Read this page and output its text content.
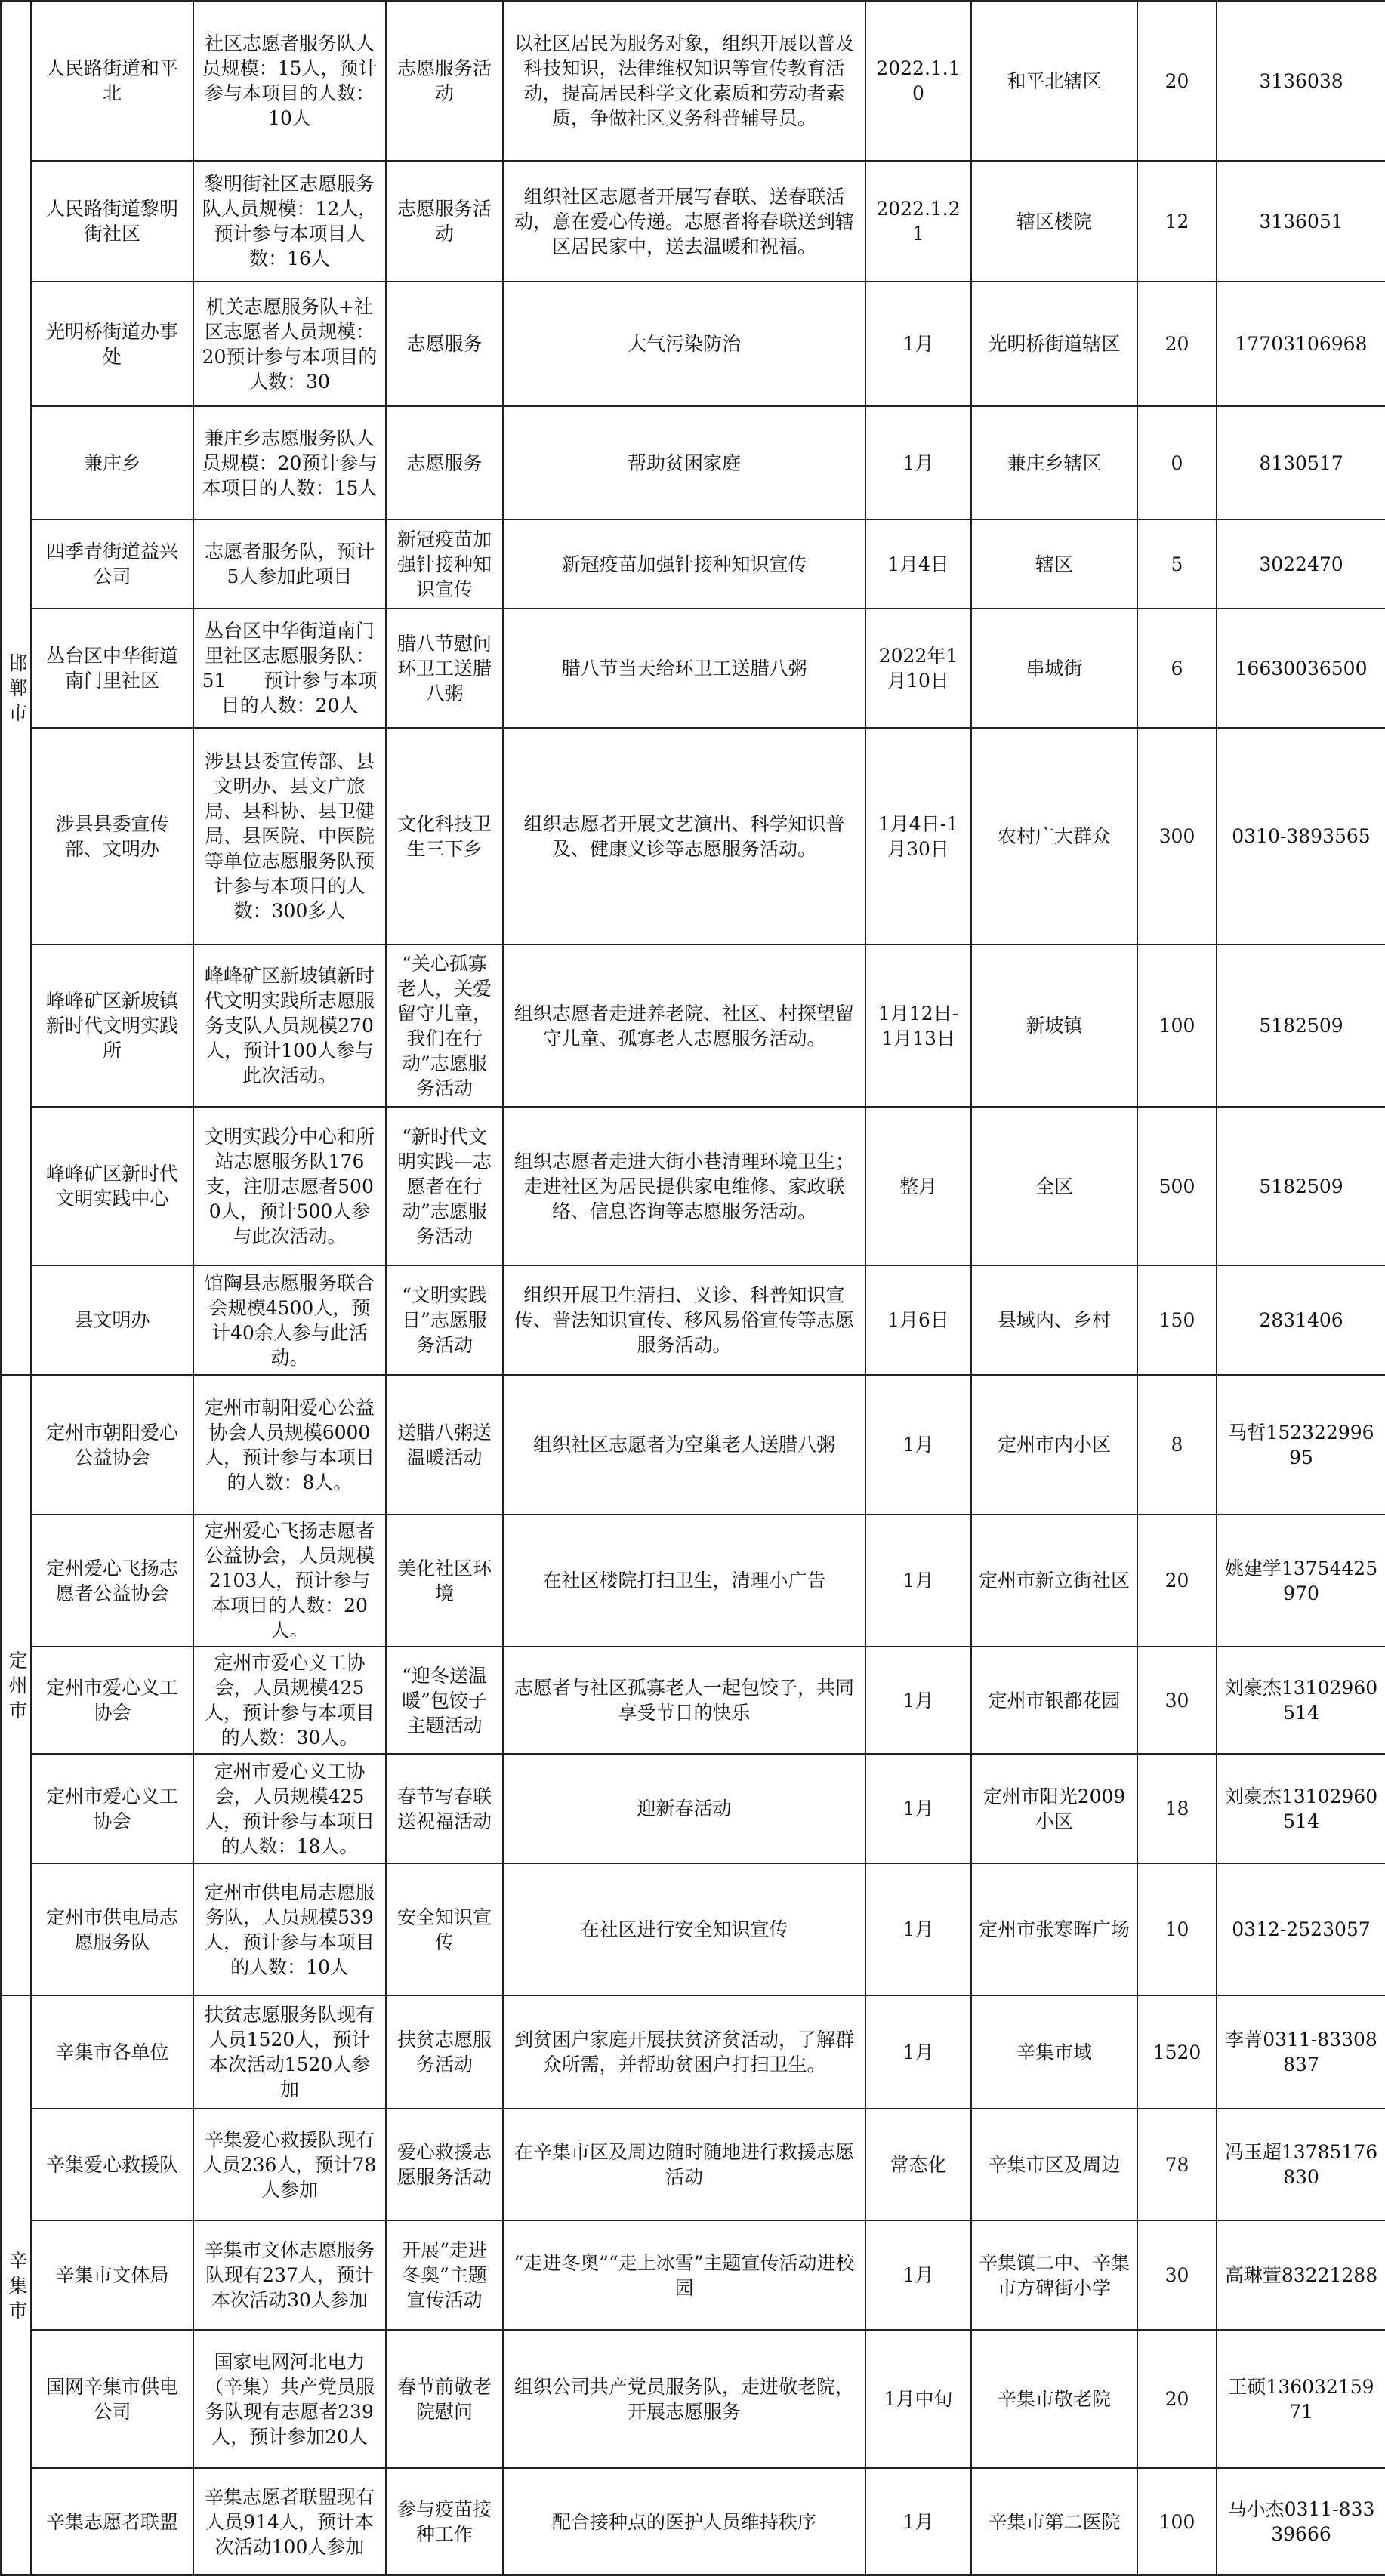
邯郸市	人民路街道和平北	社区志愿者服务队人员规模：15人，预计参与本项目的人数：10人	志愿服务活动	以社区居民为服务对象，组织开展以普及科技知识，法律维权知识等宣传教育活动，提高居民科学文化素质和劳动者素质，争做社区义务科普辅导员。	2022.1.10	和平北辖区	20	3136038
	人民路街道黎明街社区	黎明街社区志愿服务队人员规模：12人，预计参与本项目人数：16人	志愿服务活动	组织社区志愿者开展写春联、送春联活动，意在爱心传递。志愿者将春联送到辖区居民家中，送去温暖和祝福。	2022.1.21	辖区楼院	12	3136051
	光明桥街道办事处	机关志愿服务队+社区志愿者人员规模：20预计参与本项目的人数：30	志愿服务	大气污染防治	1月	光明桥街道辖区	20	17703106968
	兼庄乡	兼庄乡志愿服务队人员规模：20预计参与本项目的人数：15人	志愿服务	帮助贫困家庭	1月	兼庄乡辖区	0	8130517
	四季青街道益兴公司	志愿者服务队，预计5人参加此项目	新冠疫苗加强针接种知识宣传	新冠疫苗加强针接种知识宣传	1月4日	辖区	5	3022470
	丛台区中华街道南门里社区	丛台区中华街道南门里社区志愿服务队：51　　预计参与本项目的人数：20人	腊八节慰问环卫工送腊八粥	腊八节当天给环卫工送腊八粥	2022年1月10日	串城街	6	16630036500
	涉县县委宣传部、文明办	涉县县委宣传部、县文明办、县文广旅局、县科协、县卫健局、县医院、中医院等单位志愿服务队预计参与本项目的人数：300多人	文化科技卫生三下乡	组织志愿者开展文艺演出、科学知识普及、健康义诊等志愿服务活动。	1月4日-1月30日	农村广大群众	300	0310-3893565
	峰峰矿区新坡镇新时代文明实践所	峰峰矿区新坡镇新时代文明实践所志愿服务支队人员规模270人，预计100人参与此次活动。	“关心孤寡老人，关爱留守儿童，我们在行动”志愿服务活动	组织志愿者走进养老院、社区、村探望留守儿童、孤寡老人志愿服务活动。	1月12日-1月13日	新坡镇	100	5182509
	峰峰矿区新时代文明实践中心	文明实践分中心和所站志愿服务队176支，注册志愿者5000人，预计500人参与此次活动。	“新时代文明实践—志愿者在行动”志愿服务活动	组织志愿者走进大街小巷清理环境卫生；走进社区为居民提供家电维修、家政联络、信息咨询等志愿服务活动。	整月	全区	500	5182509
	县文明办	馆陶县志愿服务联合会规模4500人，预计40余人参与此活动。	“文明实践日”志愿服务活动	组织开展卫生清扫、义诊、科普知识宣传、普法知识宣传、移风易俗宣传等志愿服务活动。	1月6日	县域内、乡村	150	2831406

定州市	定州市朝阳爱心公益协会	定州市朝阳爱心公益协会人员规模6000人，预计参与本项目的人数：8人。	送腊八粥送温暖活动	组织社区志愿者为空巢老人送腊八粥	1月	定州市内小区	8	马哲15232299695
	定州爱心飞扬志愿者公益协会	定州爱心飞扬志愿者公益协会，人员规模2103人，预计参与本项目的人数：20人。	美化社区环境	在社区楼院打扫卫生，清理小广告	1月	定州市新立街社区	20	姚建学13754425970
	定州市爱心义工协会	定州市爱心义工协会，人员规模425人，预计参与本项目的人数：30人。	“迎冬送温暖”包饺子主题活动	志愿者与社区孤寡老人一起包饺子，共同享受节日的快乐	1月	定州市银都花园	30	刘豪杰13102960514
	定州市爱心义工协会	定州市爱心义工协会，人员规模425人，预计参与本项目的人数：18人。	春节写春联送祝福活动	迎新春活动	1月	定州市阳光2009小区	18	刘豪杰13102960514
	定州市供电局志愿服务队	定州市供电局志愿服务队，人员规模539人，预计参与本项目的人数：10人	安全知识宣传	在社区进行安全知识宣传	1月	定州市张寒晖广场	10	0312-2523057

辛集市	辛集市各单位	扶贫志愿服务队现有人员1520人，预计本次活动1520人参加	扶贫志愿服务活动	到贫困户家庭开展扶贫济贫活动，了解群众所需，并帮助贫困户打扫卫生。	1月	辛集市域	1520	李菁0311-83308837
	辛集爱心救援队	辛集爱心救援队现有人员236人，预计78人参加	爱心救援志愿服务活动	在辛集市区及周边随时随地进行救援志愿活动	常态化	辛集市区及周边	78	冯玉超13785176830
	辛集市文体局	辛集市文体志愿服务队现有237人，预计本次活动30人参加	开展“走进冬奥”主题宣传活动	“走进冬奥”“走上冰雪”主题宣传活动进校园	1月	辛集镇二中、辛集市方碑街小学	30	高琳萱83221288
	国网辛集市供电公司	国家电网河北电力（辛集）共产党员服务队现有志愿者239人，预计参加20人	春节前敬老院慰问	组织公司共产党员服务队，走进敬老院，开展志愿服务	1月中旬	辛集市敬老院	20	王硕13603215971
	辛集志愿者联盟	辛集志愿者联盟现有人员914人，预计本次活动100人参加	参与疫苗接种工作	配合接种点的医护人员维持秩序	1月	辛集市第二医院	100	马小杰0311-83339666
